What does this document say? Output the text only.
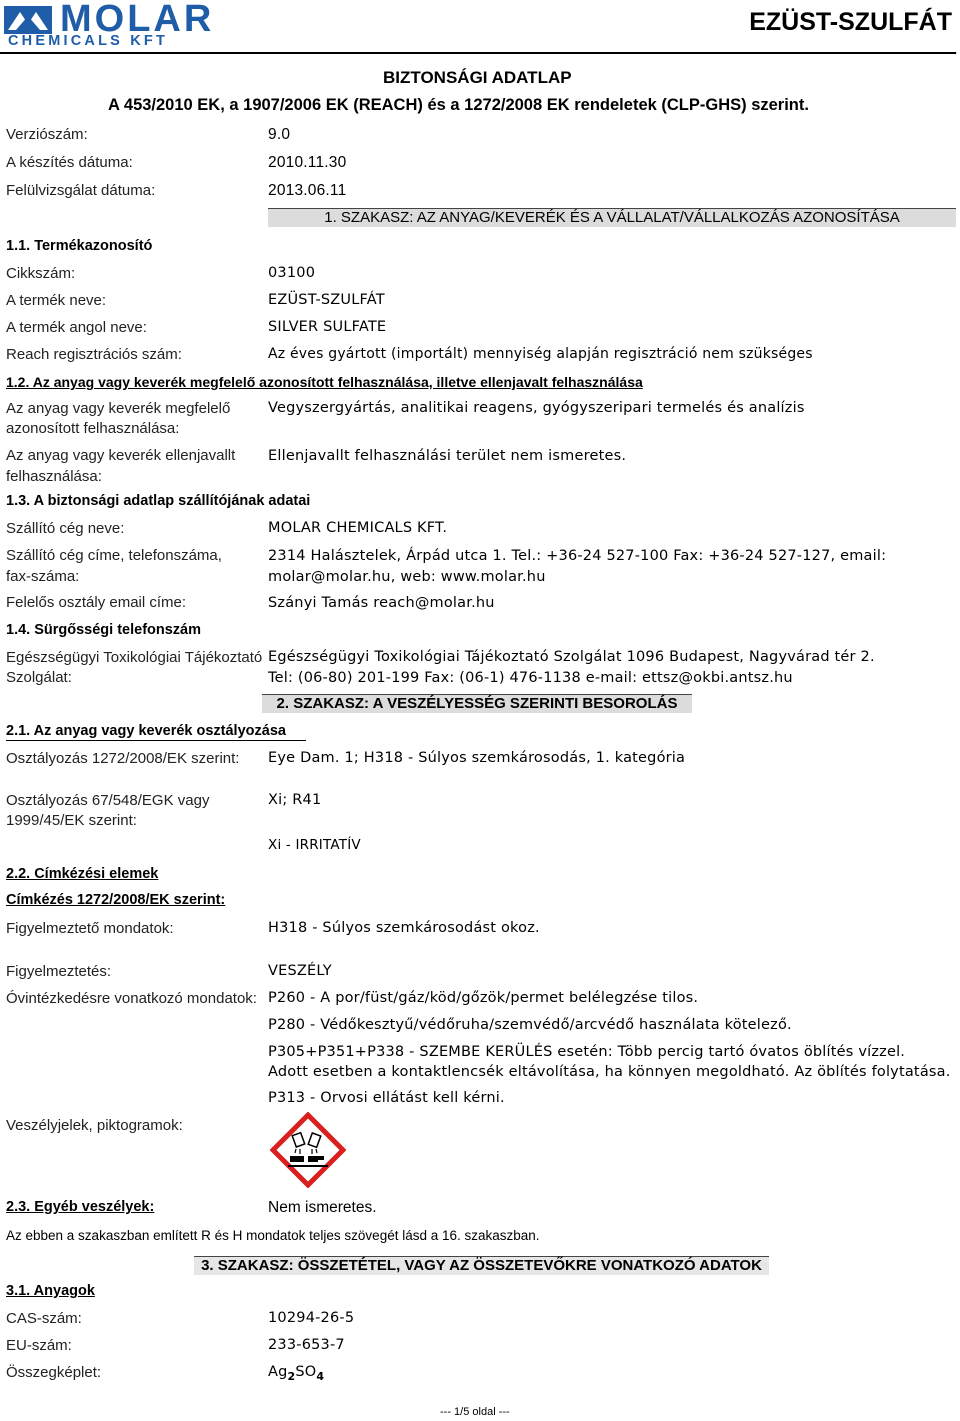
MOLAR
CHEMICALS KFT
EZÜST-SZULFÁT
BIZTONSÁGI ADATLAP
A 453/2010 EK, a 1907/2006 EK (REACH) és a 1272/2008 EK rendeletek (CLP-GHS) szerint.
Verziószám:	9.0
A készítés dátuma:	2010.11.30
Felülvizsgálat dátuma:	2013.06.11
1. SZAKASZ: AZ ANYAG/KEVERÉK ÉS A VÁLLALAT/VÁLLALKOZÁS AZONOSÍTÁSA
1.1. Termékazonosító
Cikkszám:	03100
A termék neve:	EZÜST-SZULFÁT
A termék angol neve:	SILVER SULFATE
Reach regisztrációs szám:	Az éves gyártott (importált) mennyiség alapján regisztráció nem szükséges
1.2. Az anyag vagy keverék megfelelő azonosított felhasználása, illetve ellenjavalt felhasználása
Az anyag vagy keverék megfelelő
azonosított felhasználása:
Vegyszergyártás, analitikai reagens, gyógyszeripari termelés és analízis
Az anyag vagy keverék ellenjavallt
felhasználása:
Ellenjavallt felhasználási terület nem ismeretes.
1.3. A biztonsági adatlap szállítójának adatai
Szállító cég neve:	MOLAR CHEMICALS KFT.
Szállító cég címe, telefonszáma,
fax-száma:
2314 Halásztelek, Árpád utca 1. Tel.: +36-24 527-100 Fax: +36-24 527-127, email:
molar@molar.hu, web: www.molar.hu
Felelős osztály email címe:	Szányi Tamás reach@molar.hu
1.4. Sürgősségi telefonszám
Egészségügyi Toxikológiai Tájékoztató
Szolgálat:
Egészségügyi Toxikológiai Tájékoztató Szolgálat 1096 Budapest, Nagyvárad tér 2.
Tel: (06-80) 201-199 Fax: (06-1) 476-1138 e-mail: ettsz@okbi.antsz.hu
2. SZAKASZ: A VESZÉLYESSÉG SZERINTI BESOROLÁS
2.1. Az anyag vagy keverék osztályozása
Osztályozás 1272/2008/EK szerint: Eye Dam. 1; H318 - Súlyos szemkárosodás, 1. kategória
Osztályozás 67/548/EGK vagy
1999/45/EK szerint:
Xi; R41
Xi - IRRITATÍV
2.2. Címkézési elemek
Címkézés 1272/2008/EK szerint:
Figyelmeztető mondatok:	H318 - Súlyos szemkárosodást okoz.
Figyelmeztetés:	VESZÉLY
Óvintézkedésre vonatkozó mondatok: P260 - A por/füst/gáz/köd/gőzök/permet belélegzése tilos.
P280 - Védőkesztyű/védőruha/szemvédő/arcvédő használata kötelező.
P305+P351+P338 - SZEMBE KERÜLÉS esetén: Több percig tartó óvatos öblítés vízzel.
Adott esetben a kontaktlencsék eltávolítása, ha könnyen megoldható. Az öblítés folytatása.
P313 - Orvosi ellátást kell kérni.
Veszélyjelek, piktogramok:
2.3. Egyéb veszélyek:	Nem ismeretes.
Az ebben a szakaszban említett R és H mondatok teljes szövegét lásd a 16. szakaszban.
3. SZAKASZ: ÖSSZETÉTEL, VAGY AZ ÖSSZETEVŐKRE VONATKOZÓ ADATOK
3.1. Anyagok
CAS-szám:	10294-26-5
EU-szám:	233-653-7
Összegképlet:	$Ag_2SO_4$
--- 1/5 oldal ---
